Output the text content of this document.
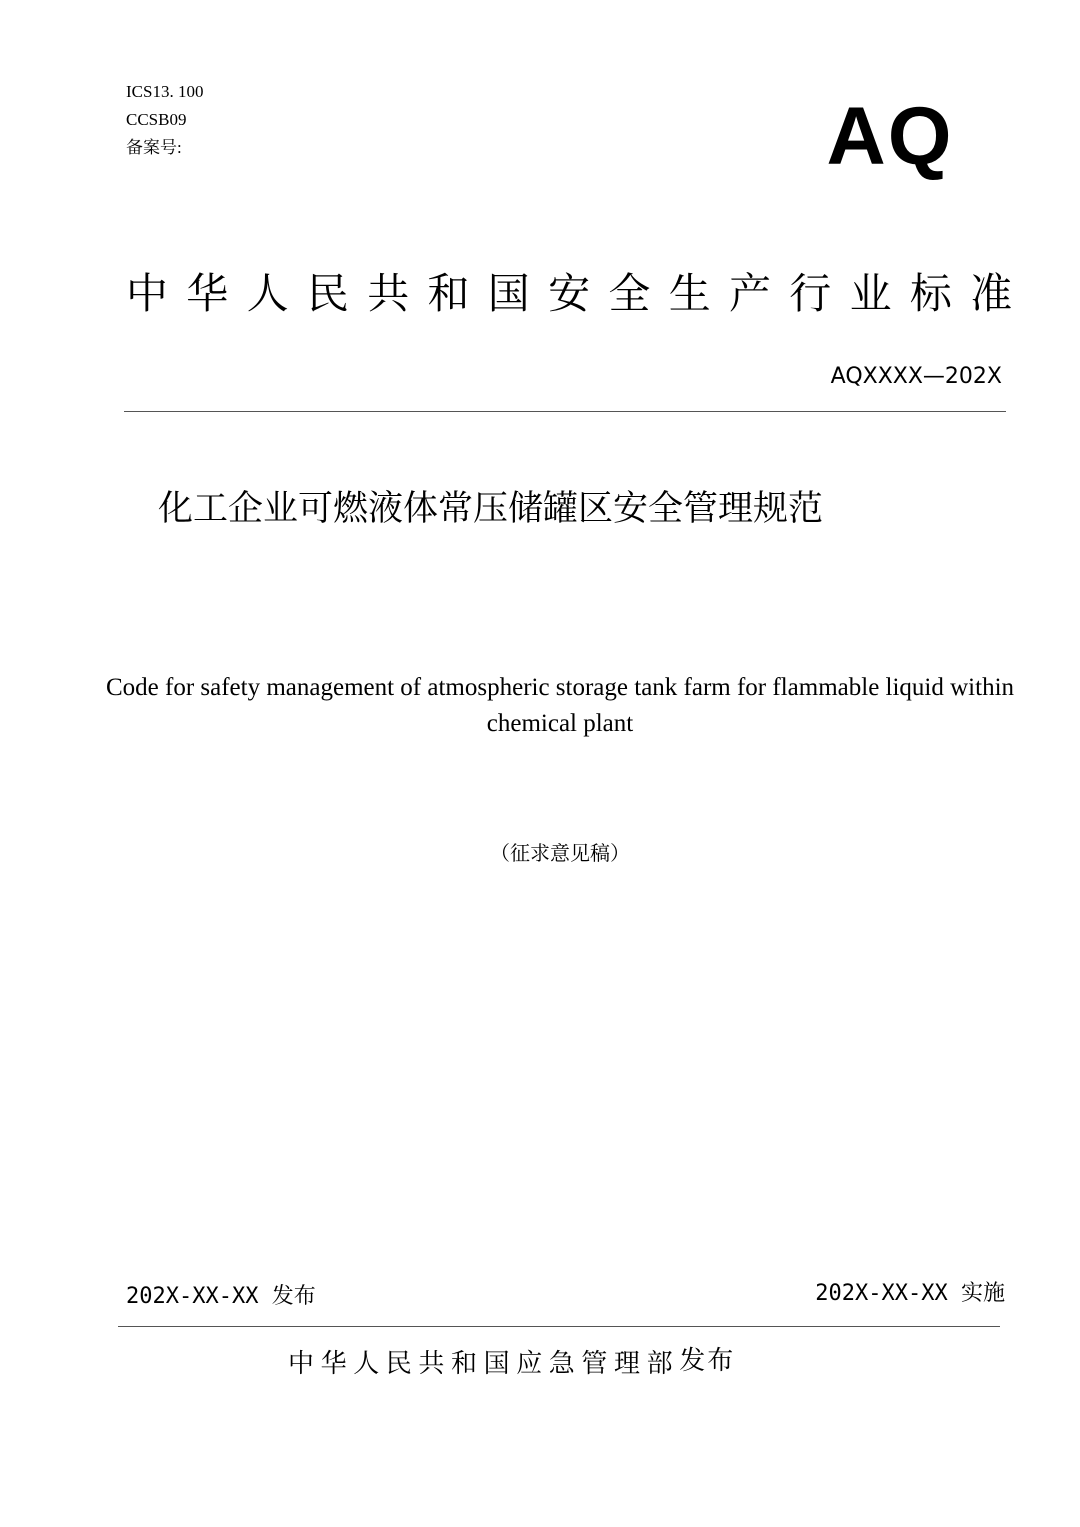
ICS13. 100
CCSB09
备案号:	AQ
中华人民共和国安全生产行业标准
AQXXXX—202X
化工企业可燃液体常压储罐区安全管理规范
Code for safety management of atmospheric storage tank farm for flammable liquid within chemical plant
（征求意见稿）
202X-XX-XX 发布	202X-XX-XX 实施
中华人民共和国应急管理部发布
